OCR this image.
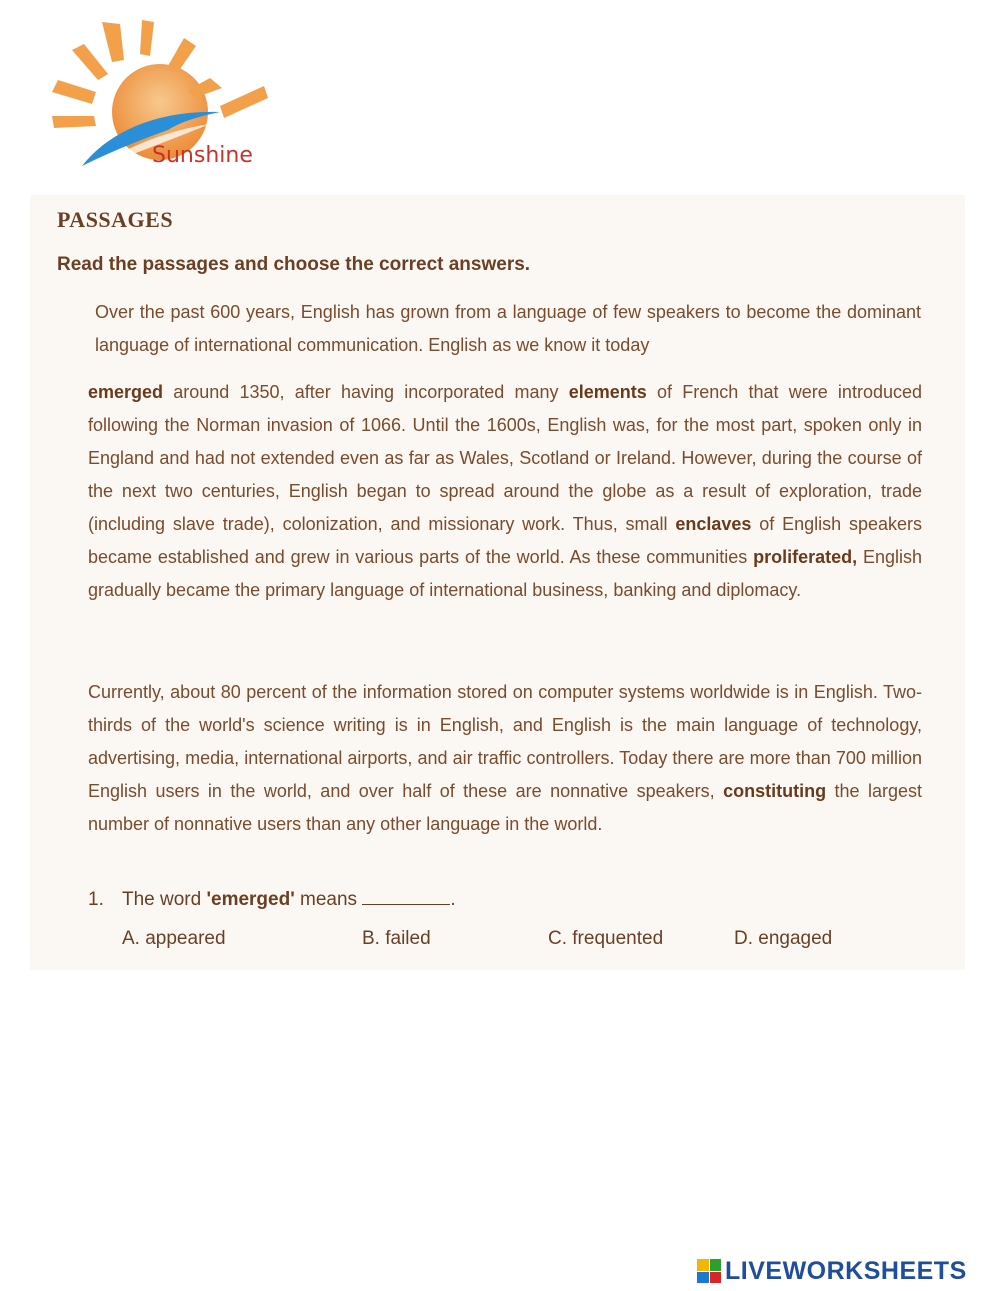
Sunshine
PASSAGES

Read the passages and choose the correct answers.

Over the past 600 years, English has grown from a language of few speakers to become the dominant language of international communication. English as we know it today

emerged around 1350, after having incorporated many elements of French that were introduced following the Norman invasion of 1066. Until the 1600s, English was, for the most part, spoken only in England and had not extended even as far as Wales, Scotland or Ireland. However, during the course of the next two centuries, English began to spread around the globe as a result of exploration, trade (including slave trade), colonization, and missionary work. Thus, small enclaves of English speakers became established and grew in various parts of the world. As these communities proliferated, English gradually became the primary language of international business, banking and diplomacy.

Currently, about 80 percent of the information stored on computer systems worldwide is in English. Two-thirds of the world's science writing is in English, and English is the main language of technology, advertising, media, international airports, and air traffic controllers. Today there are more than 700 million English users in the world, and over half of these are nonnative speakers, constituting the largest number of nonnative users than any other language in the world.

1. The word 'emerged' means	.

A. appeared	B. failed	C. frequented	D. engaged
LIVEWORKSHEETS
